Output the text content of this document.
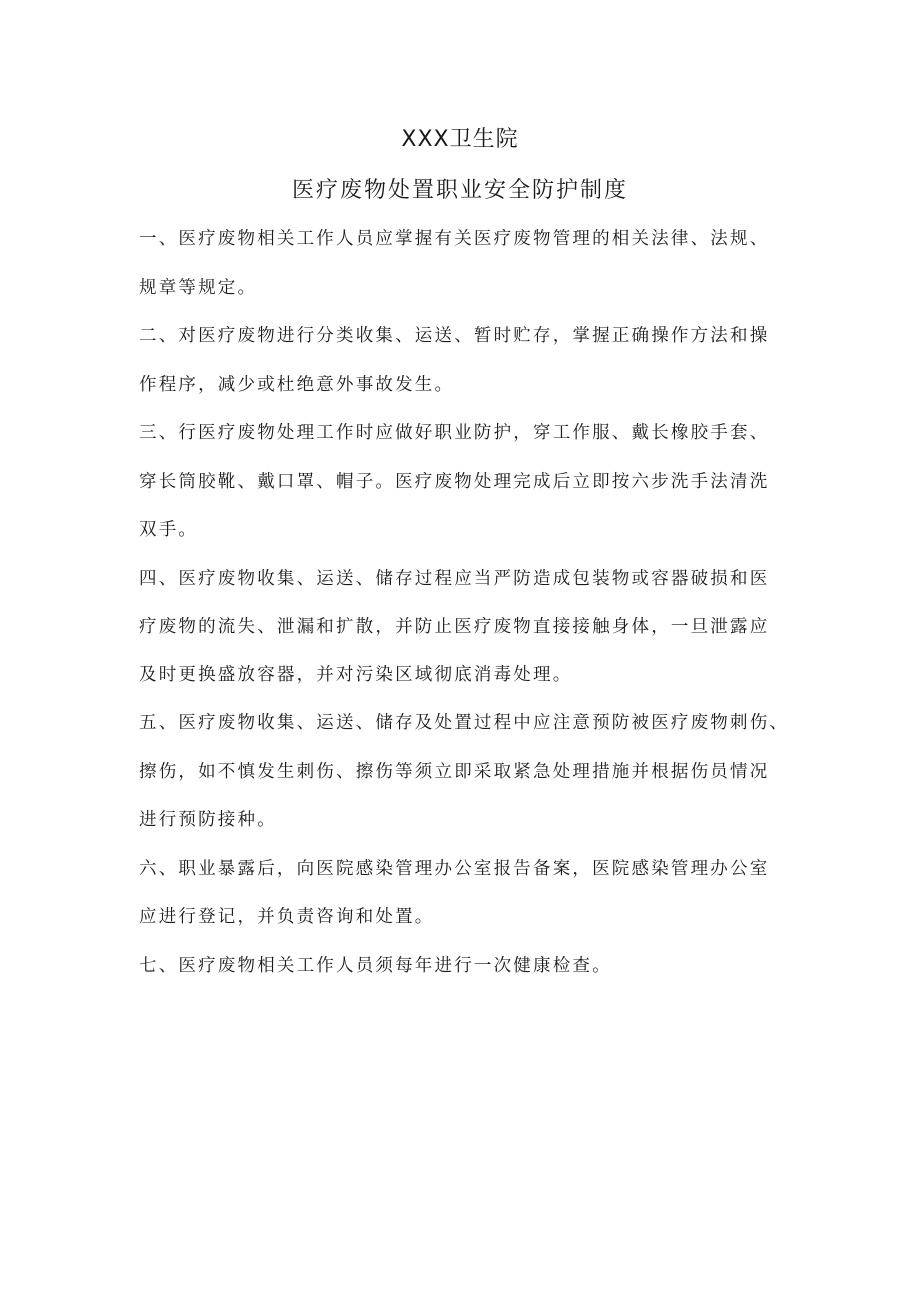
XXX卫生院
医疗废物处置职业安全防护制度
一、医疗废物相关工作人员应掌握有关医疗废物管理的相关法律、法规、
规章等规定。
二、对医疗废物进行分类收集、运送、暂时贮存，掌握正确操作方法和操
作程序，减少或杜绝意外事故发生。
三、行医疗废物处理工作时应做好职业防护，穿工作服、戴长橡胶手套、
穿长筒胶靴、戴口罩、帽子。医疗废物处理完成后立即按六步洗手法清洗
双手。
四、医疗废物收集、运送、储存过程应当严防造成包装物或容器破损和医
疗废物的流失、泄漏和扩散，并防止医疗废物直接接触身体，一旦泄露应
及时更换盛放容器，并对污染区域彻底消毒处理。
五、医疗废物收集、运送、储存及处置过程中应注意预防被医疗废物刺伤、
擦伤，如不慎发生刺伤、擦伤等须立即采取紧急处理措施并根据伤员情况
进行预防接种。
六、职业暴露后，向医院感染管理办公室报告备案，医院感染管理办公室
应进行登记，并负责咨询和处置。
七、医疗废物相关工作人员须每年进行一次健康检查。
